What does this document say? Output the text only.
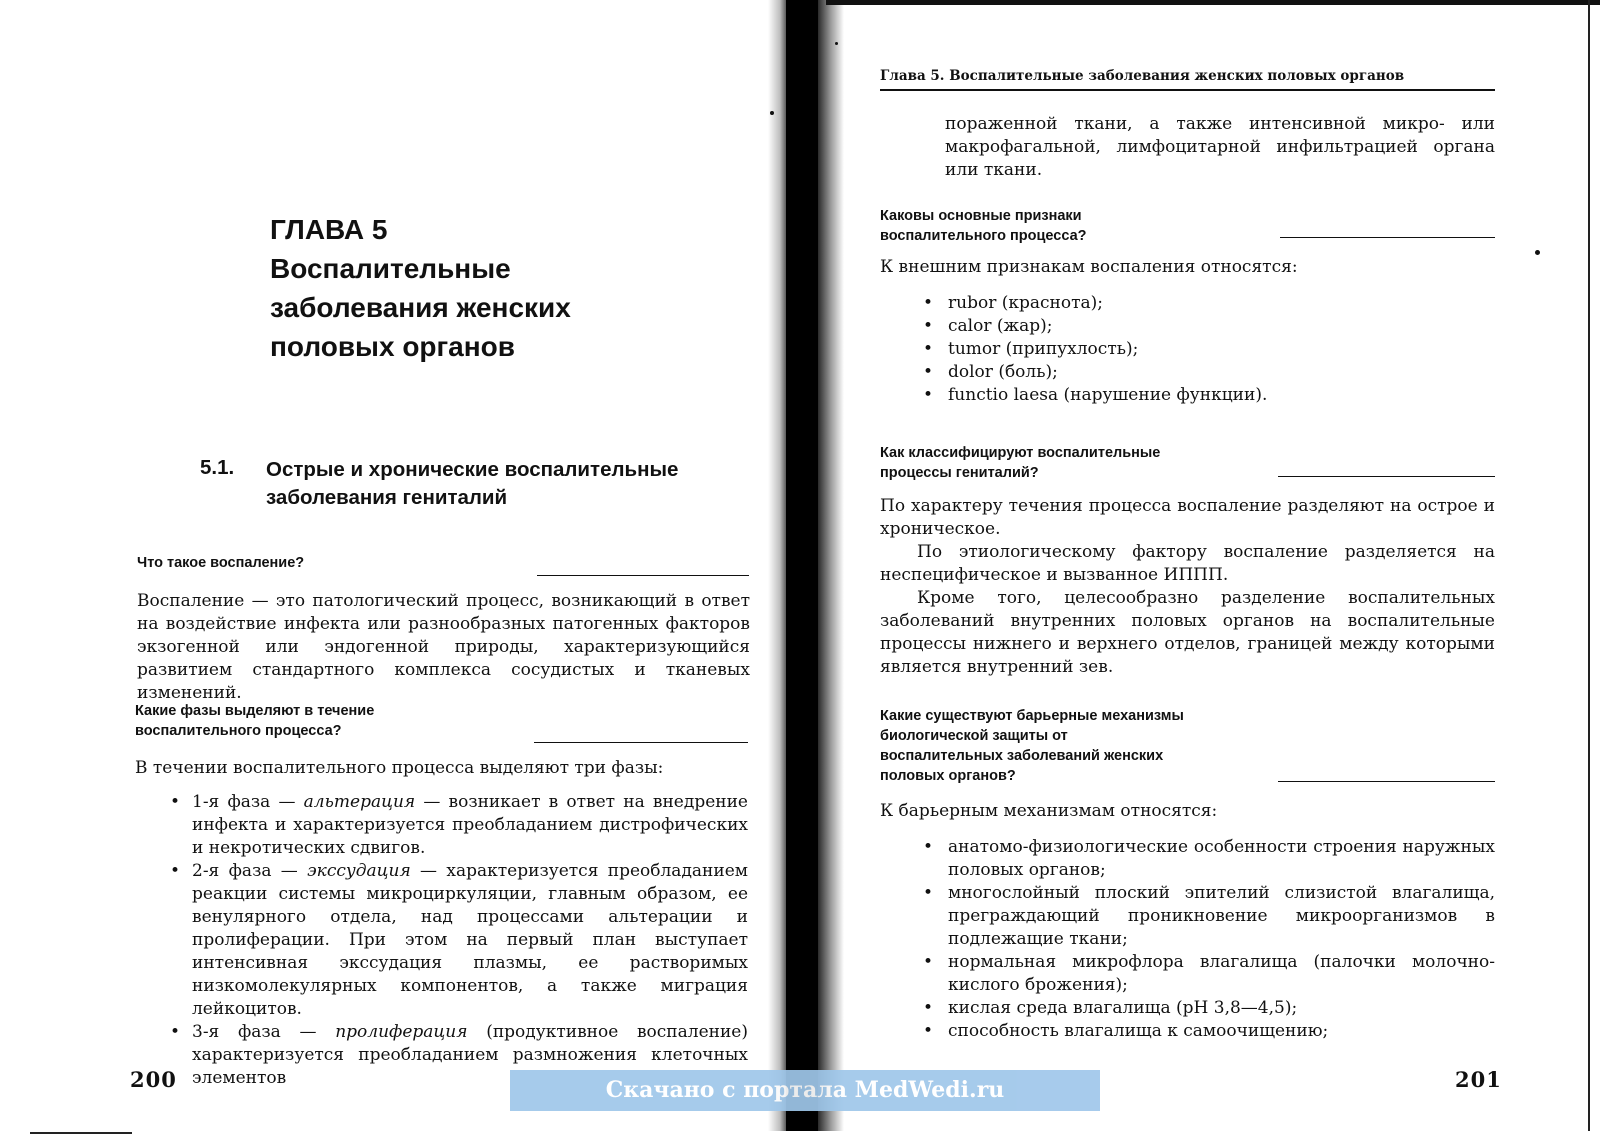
ГЛАВА 5
Воспалительные
заболевания женских
половых органов
5.1. Острые и хронические воспалительные заболевания гениталий
Что такое воспаление?
Воспаление — это патологический процесс, возникающий в ответ на воздействие инфекта или разнообразных патогенных факторов экзогенной или эндогенной природы, характеризующийся развитием стандартного комплекса сосудистых и тканевых изменений.
Какие фазы выделяют в течение
воспалительного процесса?
В течении воспалительного процесса выделяют три фазы:
• 1-я фаза — альтерация — возникает в ответ на внедрение инфекта и характеризуется преобладанием дистрофических и некротических сдвигов.
• 2-я фаза — экссудация — характеризуется преобладанием реакции системы микроциркуляции, главным образом, ее венулярного отдела, над процессами альтерации и пролиферации. При этом на первый план выступает интенсивная экссудация плазмы, ее растворимых низкомолекулярных компонентов, а также миграция лейкоцитов.
• 3-я фаза — пролиферация (продуктивное воспаление) характеризуется преобладанием размножения клеточных элементов
200
Глава 5. Воспалительные заболевания женских половых органов
пораженной ткани, а также интенсивной микро- или макрофагальной, лимфоцитарной инфильтрацией органа или ткани.
Каковы основные признаки
воспалительного процесса?
К внешним признакам воспаления относятся:
• rubor (краснота);
• calor (жар);
• tumor (припухлость);
• dolor (боль);
• functio laesa (нарушение функции).
Как классифицируют воспалительные
процессы гениталий?
По характеру течения процесса воспаление разделяют на острое и хроническое.
По этиологическому фактору воспаление разделяется на неспецифическое и вызванное ИППП.
Кроме того, целесообразно разделение воспалительных заболеваний внутренних половых органов на воспалительные процессы нижнего и верхнего отделов, границей между которыми является внутренний зев.
Какие существуют барьерные механизмы
биологической защиты от
воспалительных заболеваний женских
половых органов?
К барьерным механизмам относятся:
• анатомо-физиологические особенности строения наружных половых органов;
• многослойный плоский эпителий слизистой влагалища, преграждающий проникновение микроорганизмов в подлежащие ткани;
• нормальная микрофлора влагалища (палочки молочно-кислого брожения);
• кислая среда влагалища (pH 3,8—4,5);
• способность влагалища к самоочищению;
201
Скачано с портала MedWedi.ru
